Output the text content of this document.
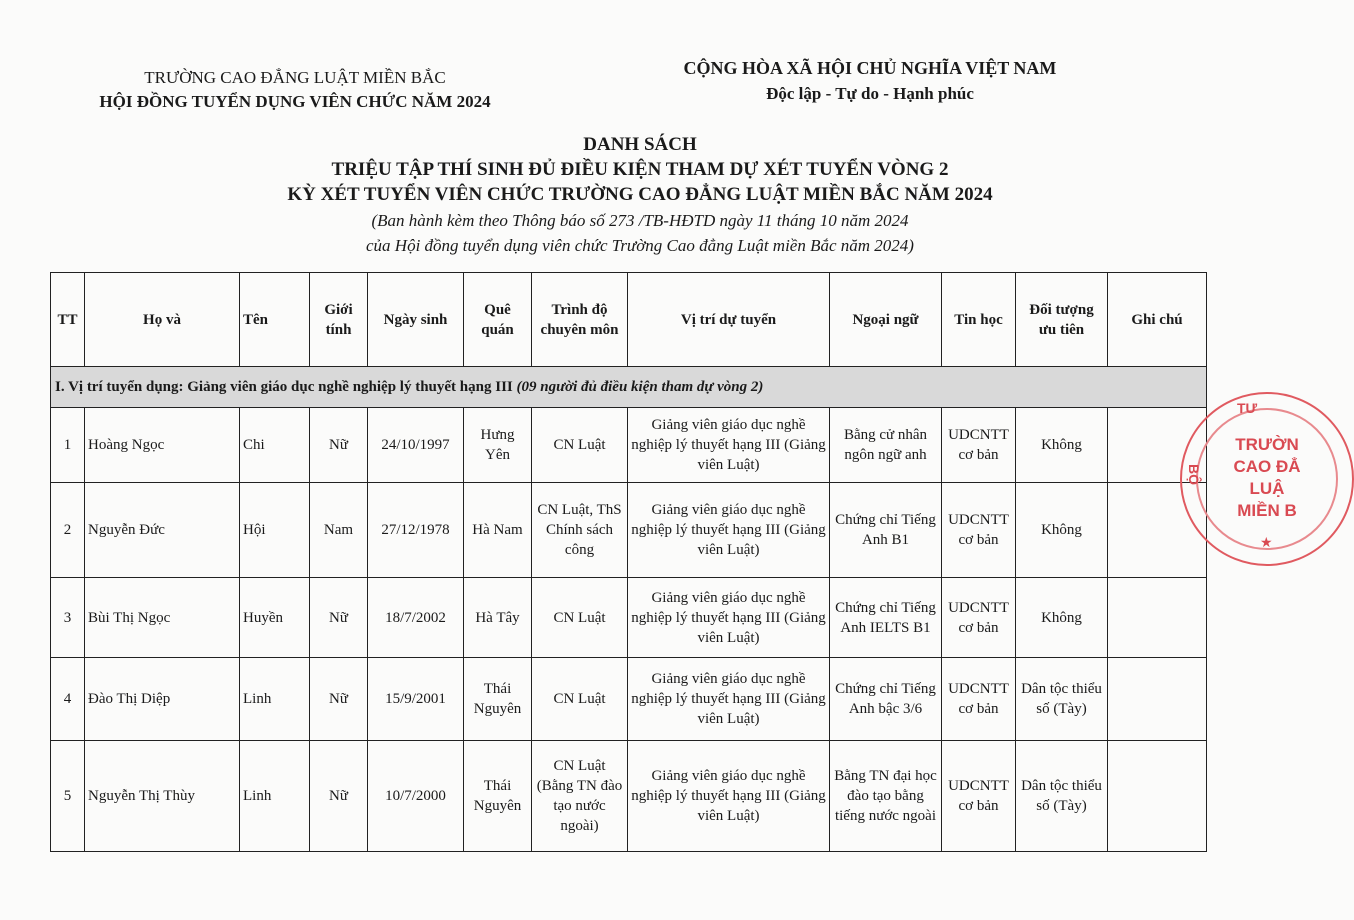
TRƯỜNG CAO ĐẲNG LUẬT MIỀN BẮC
HỘI ĐỒNG TUYỂN DỤNG VIÊN CHỨC NĂM 2024
CỘNG HÒA XÃ HỘI CHỦ NGHĨA VIỆT NAM
Độc lập - Tự do - Hạnh phúc
DANH SÁCH
TRIỆU TẬP THÍ SINH ĐỦ ĐIỀU KIỆN THAM DỰ XÉT TUYỂN VÒNG 2
KỲ XÉT TUYỂN VIÊN CHỨC TRƯỜNG CAO ĐẲNG LUẬT MIỀN BẮC NĂM 2024
(Ban hành kèm theo Thông báo số 273 /TB-HĐTD ngày 11 tháng 10 năm 2024
của Hội đồng tuyển dụng viên chức Trường Cao đẳng Luật miền Bắc năm 2024)
TT	Họ và	Tên	Giới tính	Ngày sinh	Quê quán	Trình độ chuyên môn	Vị trí dự tuyển	Ngoại ngữ	Tin học	Đối tượng ưu tiên	Ghi chú
I. Vị trí tuyển dụng: Giảng viên giáo dục nghề nghiệp lý thuyết hạng III (09 người đủ điều kiện tham dự vòng 2)											
1	Hoàng Ngọc	Chi	Nữ	24/10/1997	Hưng Yên	CN Luật	Giảng viên giáo dục nghề nghiệp lý thuyết hạng III (Giảng viên Luật)	Bằng cử nhân ngôn ngữ anh	UDCNTT cơ bản	Không	
2	Nguyễn Đức	Hội	Nam	27/12/1978	Hà Nam	CN Luật, ThS Chính sách công	Giảng viên giáo dục nghề nghiệp lý thuyết hạng III (Giảng viên Luật)	Chứng chỉ Tiếng Anh B1	UDCNTT cơ bản	Không	
3	Bùi Thị Ngọc	Huyền	Nữ	18/7/2002	Hà Tây	CN Luật	Giảng viên giáo dục nghề nghiệp lý thuyết hạng III (Giảng viên Luật)	Chứng chỉ Tiếng Anh IELTS B1	UDCNTT cơ bản	Không	
4	Đào Thị Diệp	Linh	Nữ	15/9/2001	Thái Nguyên	CN Luật	Giảng viên giáo dục nghề nghiệp lý thuyết hạng III (Giảng viên Luật)	Chứng chỉ Tiếng Anh bậc 3/6	UDCNTT cơ bản	Dân tộc thiểu số (Tày)	
5	Nguyễn Thị Thùy	Linh	Nữ	10/7/2000	Thái Nguyên	CN Luật (Bằng TN đào tạo nước ngoài)	Giảng viên giáo dục nghề nghiệp lý thuyết hạng III (Giảng viên Luật)	Bằng TN đại học đào tạo bằng tiếng nước ngoài	UDCNTT cơ bản	Dân tộc thiểu số (Tày)	
TƯ
BỘ
TRƯỜN
CAO ĐẲ
LUẬ
MIỀN B
★
